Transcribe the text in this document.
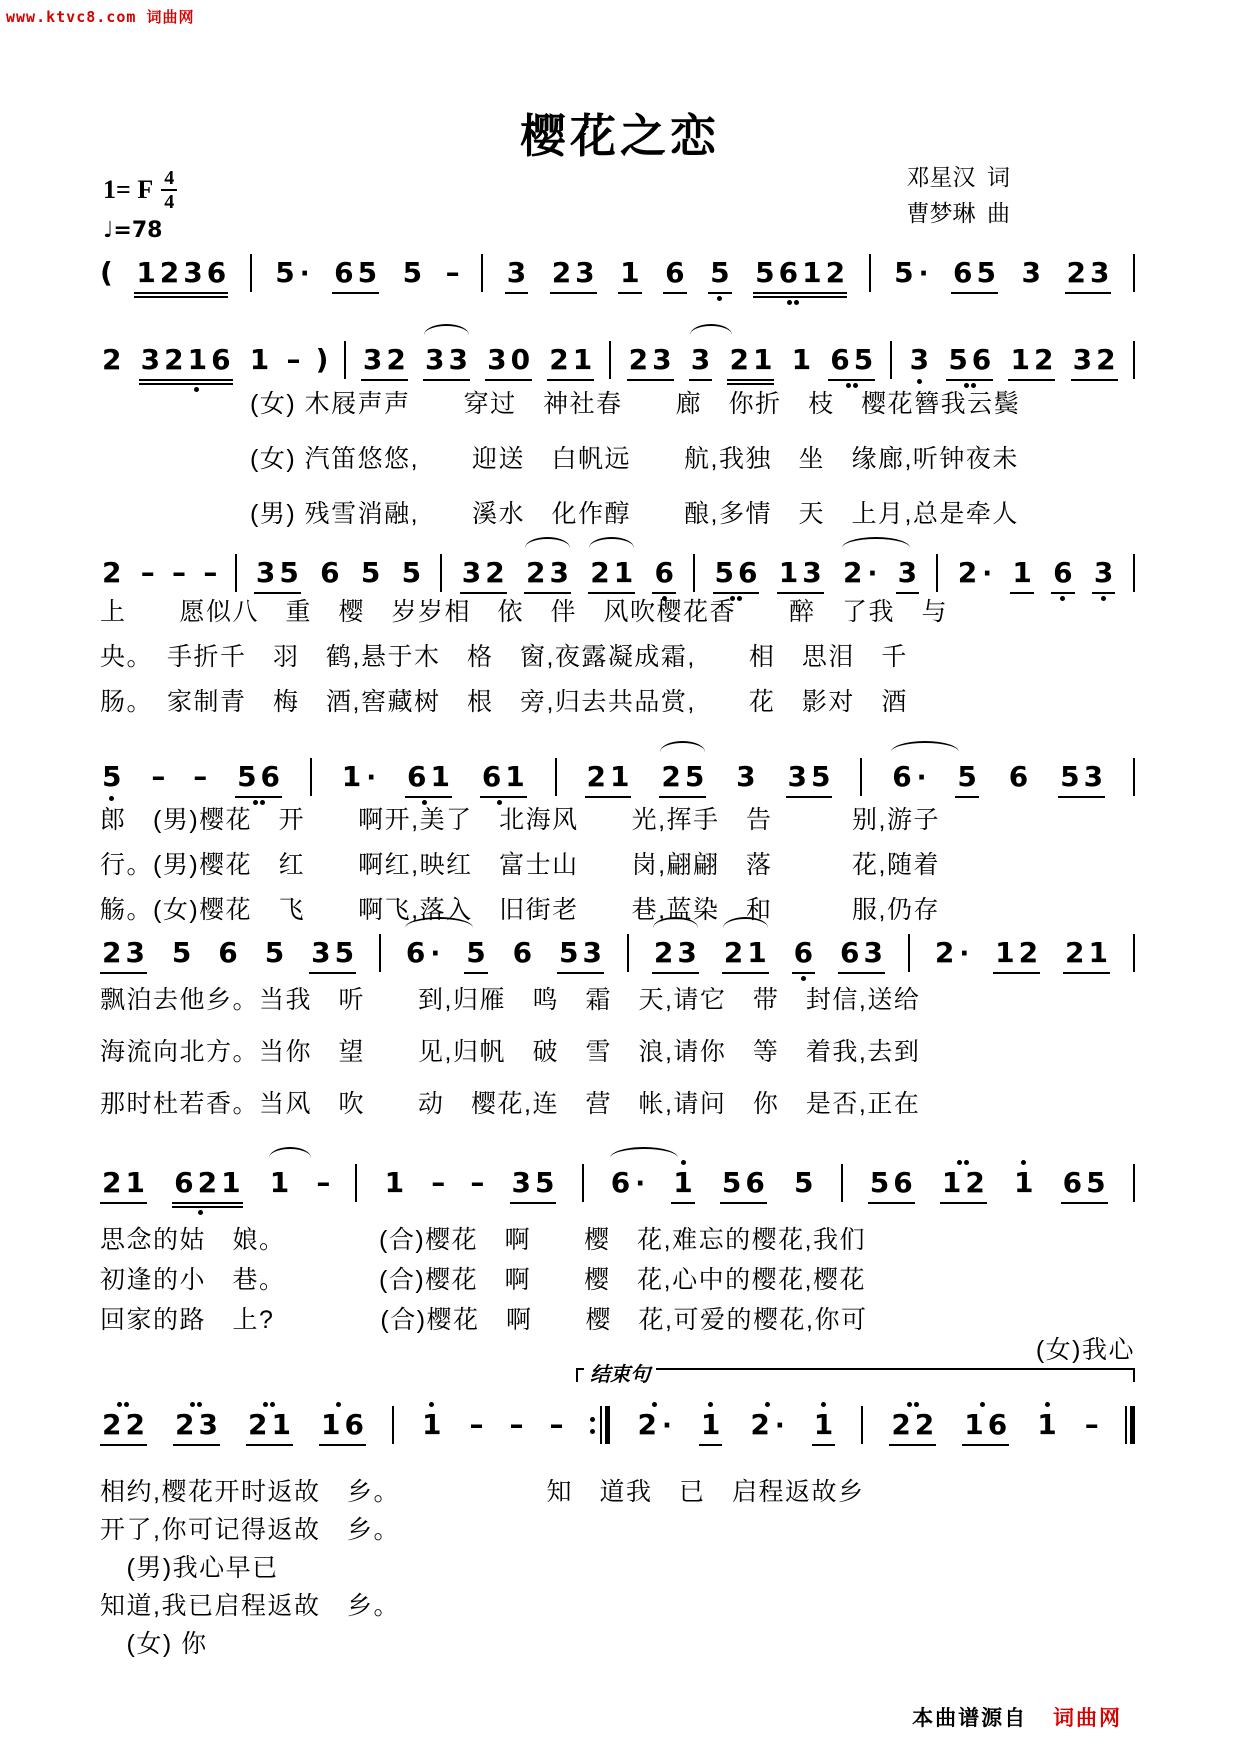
www.ktvc8.com 词曲网
樱花之恋
1= F 4
4
♩=78
邓星汉  词
曹梦琳  曲
( 1 2 3 6 5 · 6 5 5 – 3 2 3 1 6 5 5 6 1 2 5 · 6 5 3 2 3
2 3 2 1 6 1 – ) 3 2 3 3 3 0 2 1 2 3 3 2 1 1 6 5 3 5 6 1 2 3 2
(女) 木屐声声　　穿过　神社春　　廊　你折　枝　樱花簪我云鬓
(女) 汽笛悠悠,　　迎送　白帆远　　航,我独　坐　缘廊,听钟夜未
(男) 残雪消融,　　溪水　化作醇　　酿,多情　天　上月,总是牵人
2 – – – 3 5 6 5 5 3 2 2 3 2 1 6 5 6 1 3 2 · 3 2 · 1 6 3
上　　愿似八　重　樱　岁岁相　依　伴　风吹樱花香　　醉　了我　与
央。　手折千　羽　鹤,悬于木　格　窗,夜露凝成霜,　　相　思泪　千
肠。　家制青　梅　酒,窖藏树　根　旁,归去共品赏,　　花　影对　酒
5 – – 5 6 1 · 6 1 6 1 2 1 2 5 3 3 5 6 · 5 6 5 3
郎　(男)樱花　开　　啊开,美了　北海风　　光,挥手　告　　　别,游子
行。(男)樱花　红　　啊红,映红　富士山　　岗,翩翩　落　　　花,随着
觞。(女)樱花　飞　　啊飞,落入　旧街老　　巷,蓝染　和　　　服,仍存
2 3 5 6 5 3 5 6 · 5 6 5 3 2 3 2 1 6 6 3 2 · 1 2 2 1
飘泊去他乡。当我　听　　到,归雁　鸣　霜　天,请它　带　封信,送给
海流向北方。当你　望　　见,归帆　破　雪　浪,请你　等　着我,去到
那时杜若香。当风　吹　　动　樱花,连　营　帐,请问　你　是否,正在
2 1 6 2 1 1 – 1 – – 3 5 6 · 1 5 6 5 5 6 1 2 1 6 5
思念的姑　娘。　　　　(合)樱花　啊　　樱　花,难忘的樱花,我们
初逢的小　巷。　　　　(合)樱花　啊　　樱　花,心中的樱花,樱花
回家的路　上?　　　　(合)樱花　啊　　樱　花,可爱的樱花,你可
(女)我心
结束句
2 2 2 3 2 1 1 6 1 – – –	2 · 1 2 · 1 2 2 1 6 1 –
相约,樱花开时返故　乡。　　　　　　知　道我　已　启程返故乡
开了,你可记得返故　乡。
　(男)我心早已
知道,我已启程返故　乡。
　(女) 你
本曲谱源自 词曲网
